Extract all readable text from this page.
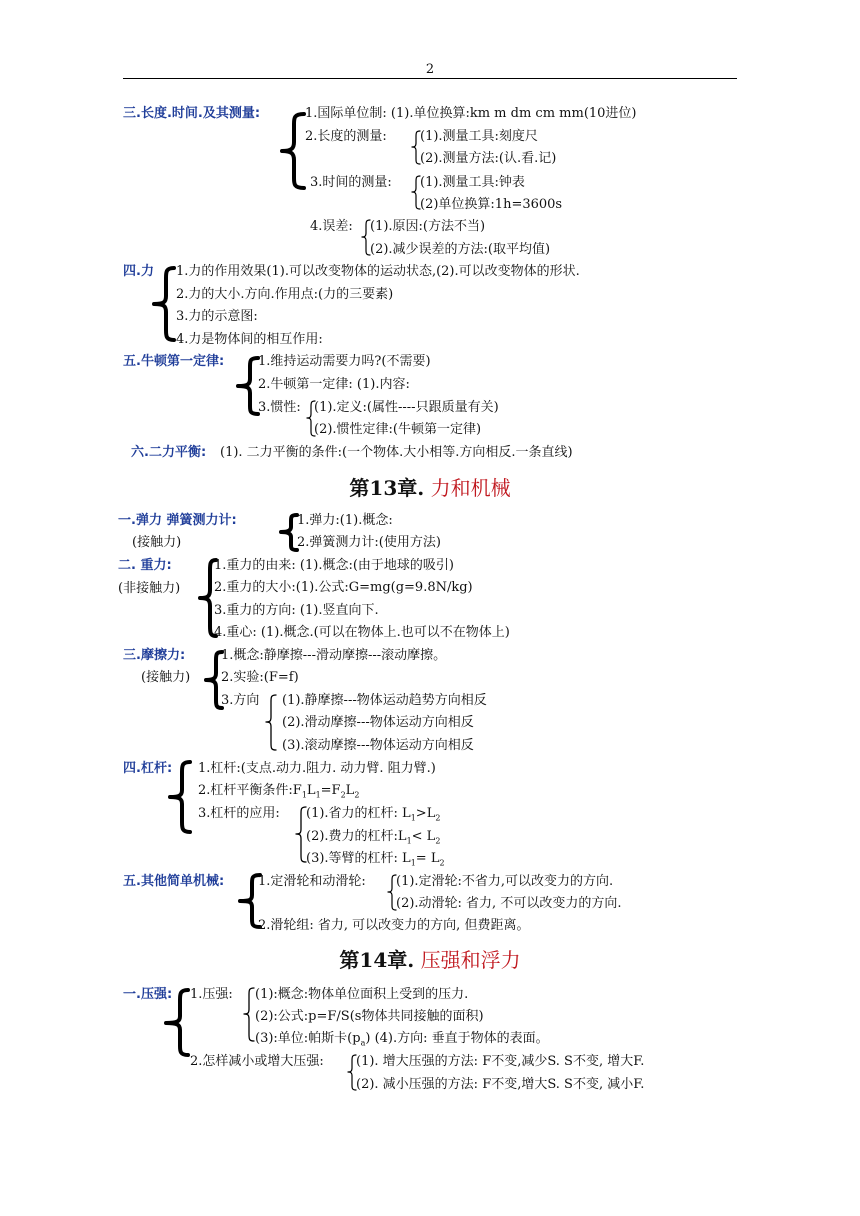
2
三.长度.时间.及其测量:	1.国际单位制: (1).单位换算:km m dm cm mm(10进位)
2.长度的测量:	(1).测量工具:刻度尺
(2).测量方法:(认.看.记)
3.时间的测量: (1).测量工具:钟表
(2)单位换算:1h=3600s
4.误差: (1).原因:(方法不当)
(2).减少误差的方法:(取平均值)
四.力 1.力的作用效果(1).可以改变物体的运动状态,(2).可以改变物体的形状.
2.力的大小.方向.作用点:(力的三要素)
3.力的示意图:
4.力是物体间的相互作用:
五.牛顿第一定律:	1.维持运动需要力吗?(不需要)
2.牛顿第一定律: (1).内容:
3.惯性: (1).定义:(属性----只跟质量有关)
(2).惯性定律:(牛顿第一定律)
六.二力平衡: (1). 二力平衡的条件:(一个物体.大小相等.方向相反.一条直线)
第13章. 力和机械
一.弹力 弹簧测力计:
(接触力)
1.弹力:(1).概念:
2.弹簧测力计:(使用方法)
二. 重力:
(非接触力)
1.重力的由来: (1).概念:(由于地球的吸引)
2.重力的大小:(1).公式:G=mg(g=9.8N/kg)
3.重力的方向: (1).竖直向下.
4.重心: (1).概念.(可以在物体上.也可以不在物体上)
三.摩擦力:
(接触力)
1.概念:静摩擦---滑动摩擦---滚动摩擦。
2.实验:(F=f)
3.方向 (1).静摩擦---物体运动趋势方向相反
(2).滑动摩擦---物体运动方向相反
(3).滚动摩擦---物体运动方向相反
四.杠杆: 1.杠杆:(支点.动力.阻力. 动力臂. 阻力臂.)
2.杠杆平衡条件$:F_1L_1=F_2L_2$
3.杠杆的应用: (1).省力的杠杆: $L_1>L_2$
(2).费力的杠杆$:L_1< L_2$
(3).等臂的杠杆: $L_1= L_2$
五.其他简单机械:	1.定滑轮和动滑轮: (1).定滑轮:不省力,可以改变力的方向.
(2).动滑轮: 省力, 不可以改变力的方向.
2.滑轮组: 省力, 可以改变力的方向, 但费距离。
第14章. 压强和浮力
一.压强: 1.压强: (1):概念:物体单位面积上受到的压力.
(2):公式:p=F/S(s物体共同接触的面积)
(3):单位:帕斯卡$(p_a)$ (4).方向: 垂直于物体的表面。
2.怎样减小或增大压强: (1). 增大压强的方法: F不变,减少S. S不变, 增大F.
(2). 减小压强的方法: F不变,增大S. S不变, 减小F.
